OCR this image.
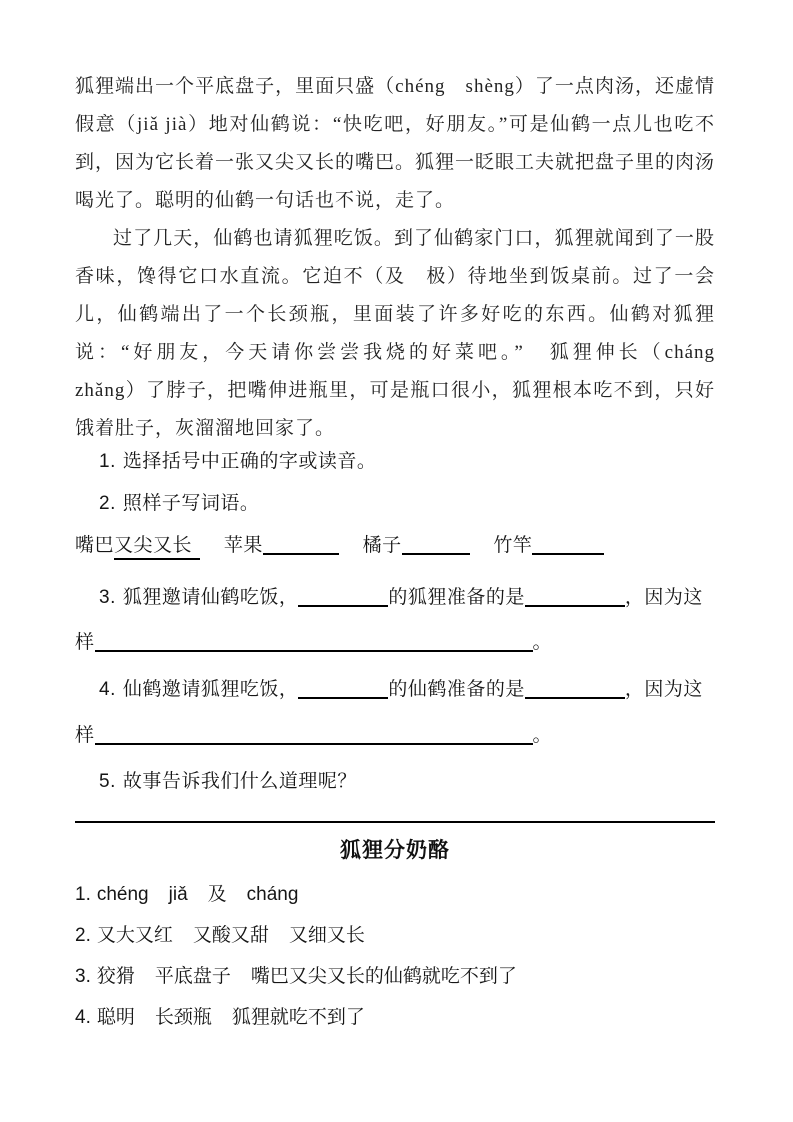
狐狸端出一个平底盘子，里面只盛（chéng　shèng）了一点肉汤，还虚情假意（jiǎ jià）地对仙鹤说：“快吃吧，好朋友。”可是仙鹤一点儿也吃不到，因为它长着一张又尖又长的嘴巴。狐狸一眨眼工夫就把盘子里的肉汤喝光了。聪明的仙鹤一句话也不说，走了。

过了几天，仙鹤也请狐狸吃饭。到了仙鹤家门口，狐狸就闻到了一股香味，馋得它口水直流。它迫不（及　极）待地坐到饭桌前。过了一会儿，仙鹤端出了一个长颈瓶，里面装了许多好吃的东西。仙鹤对狐狸说：“好朋友，今天请你尝尝我烧的好菜吧。”　狐狸伸长（cháng　zhǎng）了脖子，把嘴伸进瓶里，可是瓶口很小，狐狸根本吃不到，只好饿着肚子，灰溜溜地回家了。

1. 选择括号中正确的字或读音。
2. 照样子写词语。
嘴巴又尖又长 苹果	橘子	竹竿
3. 狐狸邀请仙鹤吃饭，	的狐狸准备的是	，因为这
样	。
4. 仙鹤邀请狐狸吃饭，	的仙鹤准备的是	，因为这
样	。
5. 故事告诉我们什么道理呢？
狐狸分奶酪
1. chéng jiǎ 及 cháng
2. 又大又红 又酸又甜 又细又长
3. 狡猾 平底盘子 嘴巴又尖又长的仙鹤就吃不到了
4. 聪明 长颈瓶 狐狸就吃不到了
